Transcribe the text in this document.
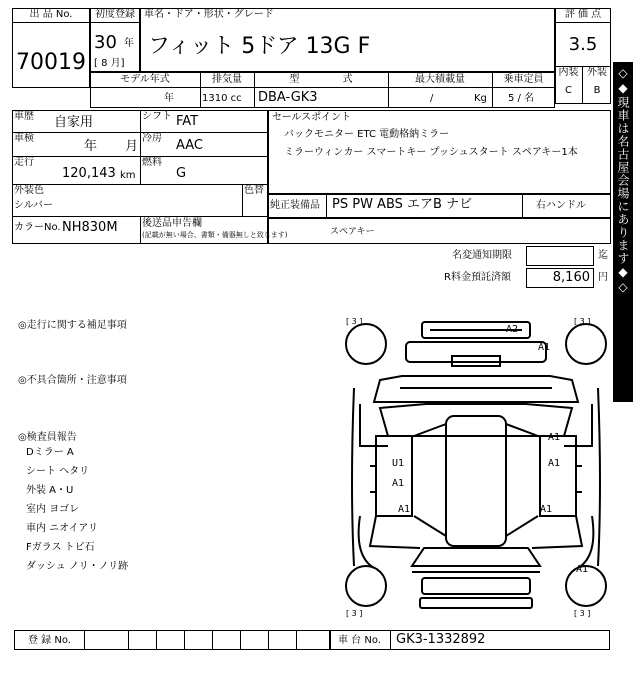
出 品 No.
70019
初度登録
30 年
[ 8 月]
車名・ドア・形状・グレード
フィット 5ドア 13G F
評 価 点
3.5
内装
C
外装
B
モデル年式
年
排気量
1310 cc
型 式
DBA-GK3
最大積載量
/	Kg
乗車定員
5 / 名
車歴 自家用	シフト FAT
車検
年 月
冷房 AAC
走行
120,143 km
燃料
G
外装色
シルバー
色替
カラーNo. NH830M 後送品申告欄
(記載が無い場合、書類・備器無しと致します)
セールスポイント
バックモニター ETC 電動格納ミラー
ミラーウィンカー スマートキー プッシュスタート スペアキー1本
純正装備品 PS PW ABS エアB ナビ	右ハンドル
スペアキー	◇◆現車は名古屋会場にあります◆◇
名変通知期限	迄
R料金預託済額	8,160 円
◎走行に関する補足事項
◎不具合箇所・注意事項
◎検査員報告
Dミラー A
シート ヘタリ
外装 A・U
室内 ヨゴレ
車内 ニオイアリ
Fガラス トビ石
ダッシュ ノリ・ノリ跡
[ 3 ]	[ 3 ]
[ 3 ]	[ 3 ]
A2
A1
A1
A1
U1
A1
A1	A1
A1
登 録 No.	車 台 No. GK3-1332892
